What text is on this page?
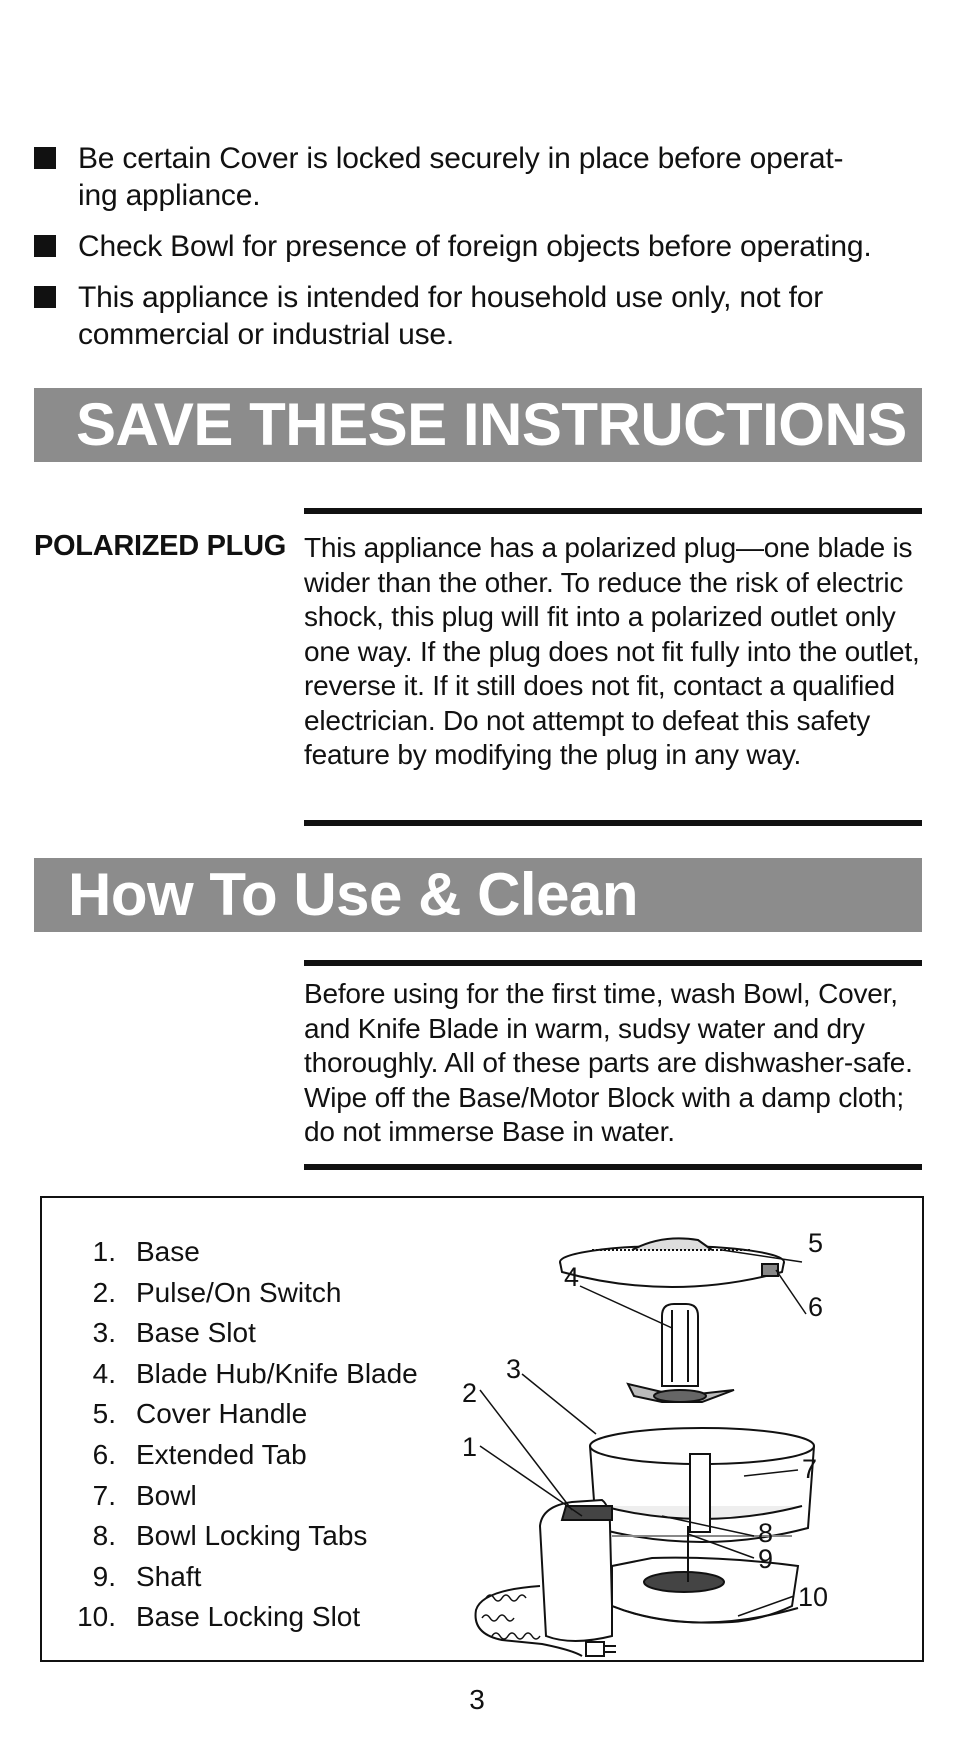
Be certain Cover is locked securely in place before operat-
ing appliance.
Check Bowl for presence of foreign objects before operating.
This appliance is intended for household use only, not for
commercial or industrial use.
SAVE THESE INSTRUCTIONS
POLARIZED PLUG This appliance has a polarized plug—one blade is wider than the other. To reduce the risk of electric shock, this plug will fit into a polarized outlet only one way. If the plug does not fit fully into the outlet, reverse it. If it still does not fit, contact a qualified electrician. Do not attempt to defeat this safety feature by modifying the plug in any way.
How To Use & Clean
Before using for the first time, wash Bowl, Cover, and Knife Blade in warm, sudsy water and dry thoroughly. All of these parts are dishwasher-safe. Wipe off the Base/Motor Block with a damp cloth; do not immerse Base in water.
1. Base
2. Pulse/On Switch
3. Base Slot
4. Blade Hub/Knife Blade
5. Cover Handle
6. Extended Tab
7. Bowl
8. Bowl Locking Tabs
9. Shaft
10. Base Locking Slot
1
2
3
4
5
6
7
8
9
10
3
